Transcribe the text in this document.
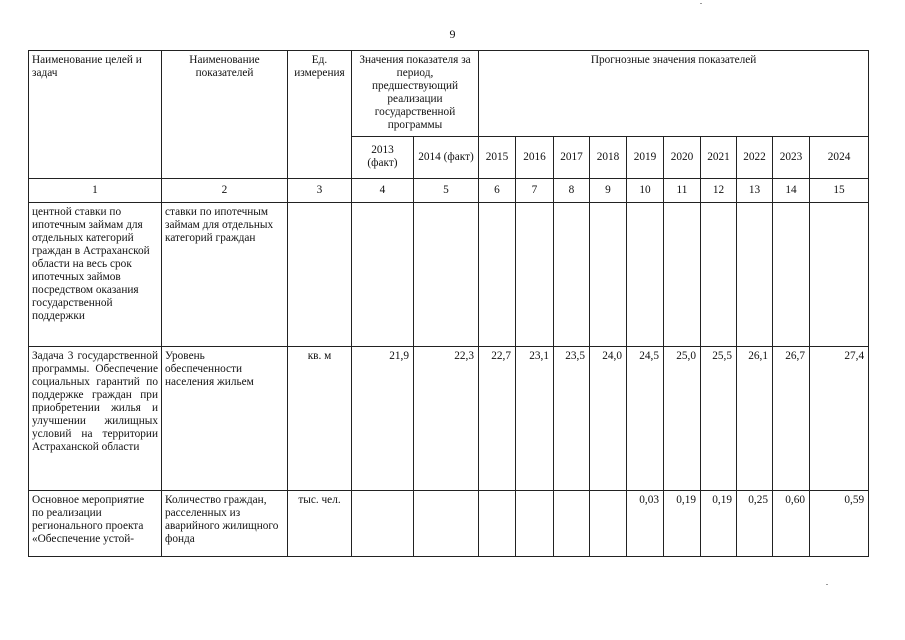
9
Наименование целей и задач	Наименование показателей	Ед. измерения	Значения показателя за период, предшествующий реализации государственной программы		Прогнозные значения показателей									
			2013 (факт)	2014 (факт)	2015	2016	2017	2018	2019	2020	2021	2022	2023	2024
1	2	3	4	5	6	7	8	9	10	11	12	13	14	15
центной ставки по ипотечным займам для отдельных категорий граждан в Астраханской области на весь срок ипотечных займов посредством оказания государственной поддержки	ставки по ипотечным займам для отдельных категорий граждан													
Задача 3 государственной программы. Обеспечение социальных гарантий по поддержке граждан при приобретении жилья и улучшении жилищных условий на территории Астраханской области	Уровень обеспеченности населения жильем	кв. м	21,9	22,3	22,7	23,1	23,5	24,0	24,5	25,0	25,5	26,1	26,7	27,4
Основное мероприятие по реализации регионального проекта «Обеспечение устой-	Количество граждан, расселенных из аварийного жилищного фонда	тыс. чел.							0,03	0,19	0,19	0,25	0,60	0,59
